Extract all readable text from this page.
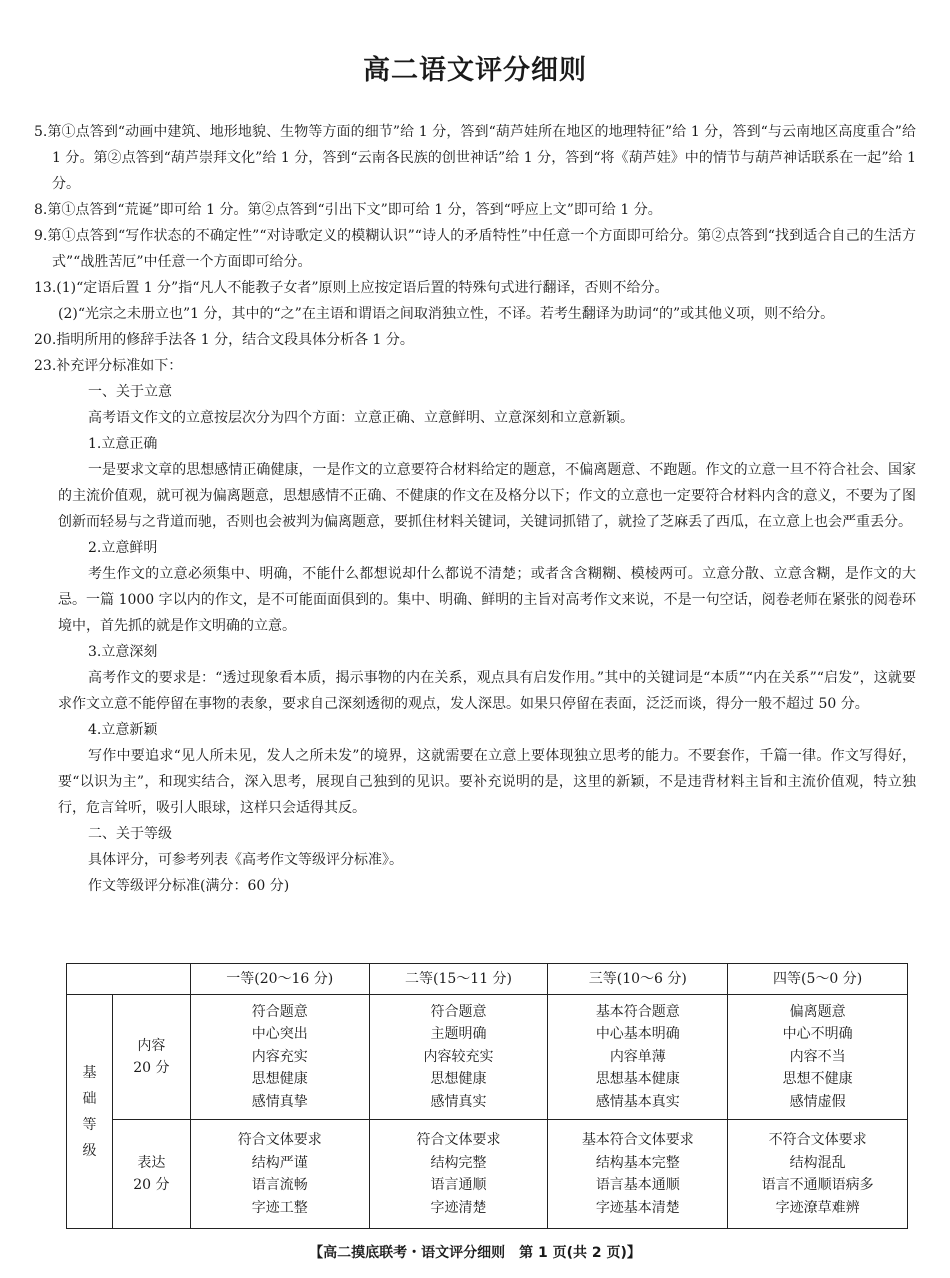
高二语文评分细则

5.第①点答到“动画中建筑、地形地貌、生物等方面的细节”给 1 分，答到“葫芦娃所在地区的地理特征”给 1 分，答到“与云南地区高度重合”给 1 分。第②点答到“葫芦崇拜文化”给 1 分，答到“云南各民族的创世神话”给 1 分，答到“将《葫芦娃》中的情节与葫芦神话联系在一起”给 1 分。

8.第①点答到“荒诞”即可给 1 分。第②点答到“引出下文”即可给 1 分，答到“呼应上文”即可给 1 分。

9.第①点答到“写作状态的不确定性”“对诗歌定义的模糊认识”“诗人的矛盾特性”中任意一个方面即可给分。第②点答到“找到适合自己的生活方式”“战胜苦厄”中任意一个方面即可给分。

13.(1)“定语后置 1 分”指“凡人不能教子女者”原则上应按定语后置的特殊句式进行翻译，否则不给分。

(2)“光宗之未册立也”1 分，其中的“之”在主语和谓语之间取消独立性，不译。若考生翻译为助词“的”或其他义项，则不给分。

20.指明所用的修辞手法各 1 分，结合文段具体分析各 1 分。

23.补充评分标准如下：

一、关于立意

高考语文作文的立意按层次分为四个方面：立意正确、立意鲜明、立意深刻和立意新颖。

1.立意正确

一是要求文章的思想感情正确健康，一是作文的立意要符合材料给定的题意，不偏离题意、不跑题。作文的立意一旦不符合社会、国家的主流价值观，就可视为偏离题意，思想感情不正确、不健康的作文在及格分以下；作文的立意也一定要符合材料内含的意义，不要为了图创新而轻易与之背道而驰，否则也会被判为偏离题意，要抓住材料关键词，关键词抓错了，就捡了芝麻丢了西瓜，在立意上也会严重丢分。

2.立意鲜明

考生作文的立意必须集中、明确，不能什么都想说却什么都说不清楚；或者含含糊糊、模棱两可。立意分散、立意含糊，是作文的大忌。一篇 1000 字以内的作文，是不可能面面俱到的。集中、明确、鲜明的主旨对高考作文来说，不是一句空话，阅卷老师在紧张的阅卷环境中，首先抓的就是作文明确的立意。

3.立意深刻

高考作文的要求是：“透过现象看本质，揭示事物的内在关系，观点具有启发作用。”其中的关键词是“本质”“内在关系”“启发”，这就要求作文立意不能停留在事物的表象，要求自己深刻透彻的观点，发人深思。如果只停留在表面，泛泛而谈，得分一般不超过 50 分。

4.立意新颖

写作中要追求“见人所未见，发人之所未发”的境界，这就需要在立意上要体现独立思考的能力。不要套作，千篇一律。作文写得好，要“以识为主”，和现实结合，深入思考，展现自己独到的见识。要补充说明的是，这里的新颖，不是违背材料主旨和主流价值观，特立独行，危言耸听，吸引人眼球，这样只会适得其反。

二、关于等级

具体评分，可参考列表《高考作文等级评分标准》。

作文等级评分标准(满分：60 分)

		一等(20～16 分)	二等(15～11 分)	三等(10～6 分)	四等(5～0 分)
基
础
等
级	内容
20 分	符合题意
中心突出
内容充实
思想健康
感情真挚	符合题意
主题明确
内容较充实
思想健康
感情真实	基本符合题意
中心基本明确
内容单薄
思想基本健康
感情基本真实	偏离题意
中心不明确
内容不当
思想不健康
感情虚假
	表达
20 分	符合文体要求
结构严谨
语言流畅
字迹工整	符合文体要求
结构完整
语言通顺
字迹清楚	基本符合文体要求
结构基本完整
语言基本通顺
字迹基本清楚	不符合文体要求
结构混乱
语言不通顺语病多
字迹潦草难辨
【高二摸底联考・语文评分细则　第 1 页(共 2 页)】
